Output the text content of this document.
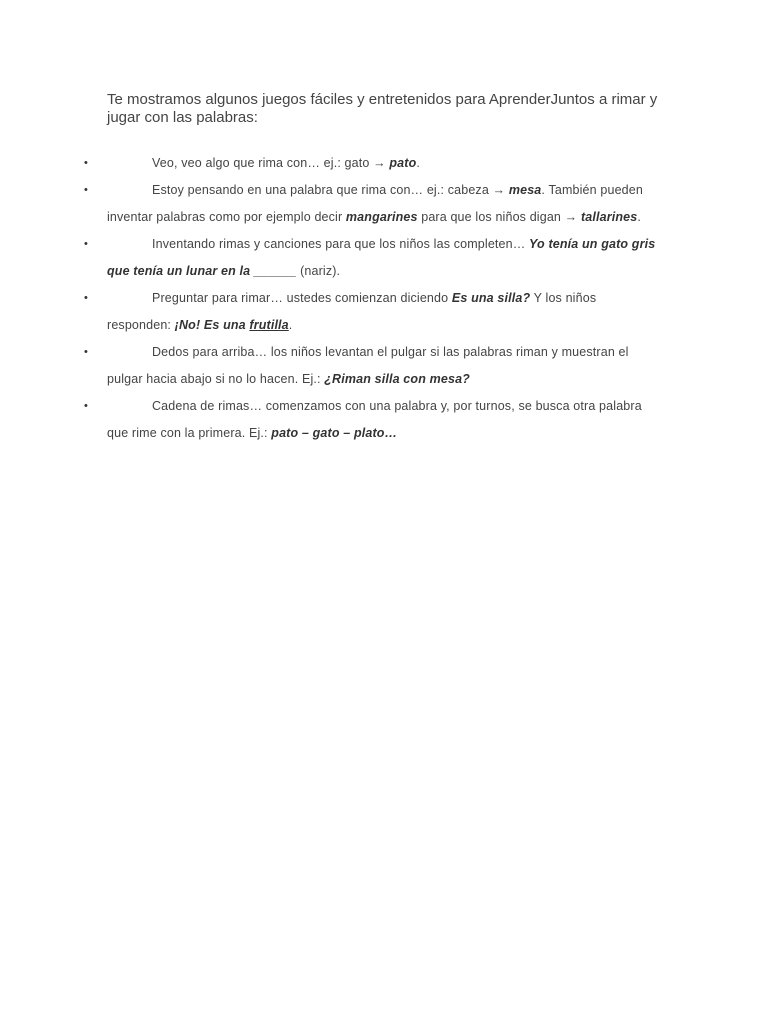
Te mostramos algunos juegos fáciles y entretenidos para AprenderJuntos a rimar y jugar con las palabras:

•	Veo, veo algo que rima con… ej.: gato → pato.
•	Estoy pensando en una palabra que rima con… ej.: cabeza → mesa. También pueden inventar palabras como por ejemplo decir mangarines para que los niños digan → tallarines.
•	Inventando rimas y canciones para que los niños las completen… Yo tenía un gato gris que tenía un lunar en la ______ (nariz).
•	Preguntar para rimar… ustedes comienzan diciendo Es una silla? Y los niños responden: ¡No! Es una frutilla.
•	Dedos para arriba… los niños levantan el pulgar si las palabras riman y muestran el pulgar hacia abajo si no lo hacen. Ej.: ¿Riman silla con mesa?
•	Cadena de rimas… comenzamos con una palabra y, por turnos, se busca otra palabra que rime con la primera. Ej.: pato – gato – plato…
